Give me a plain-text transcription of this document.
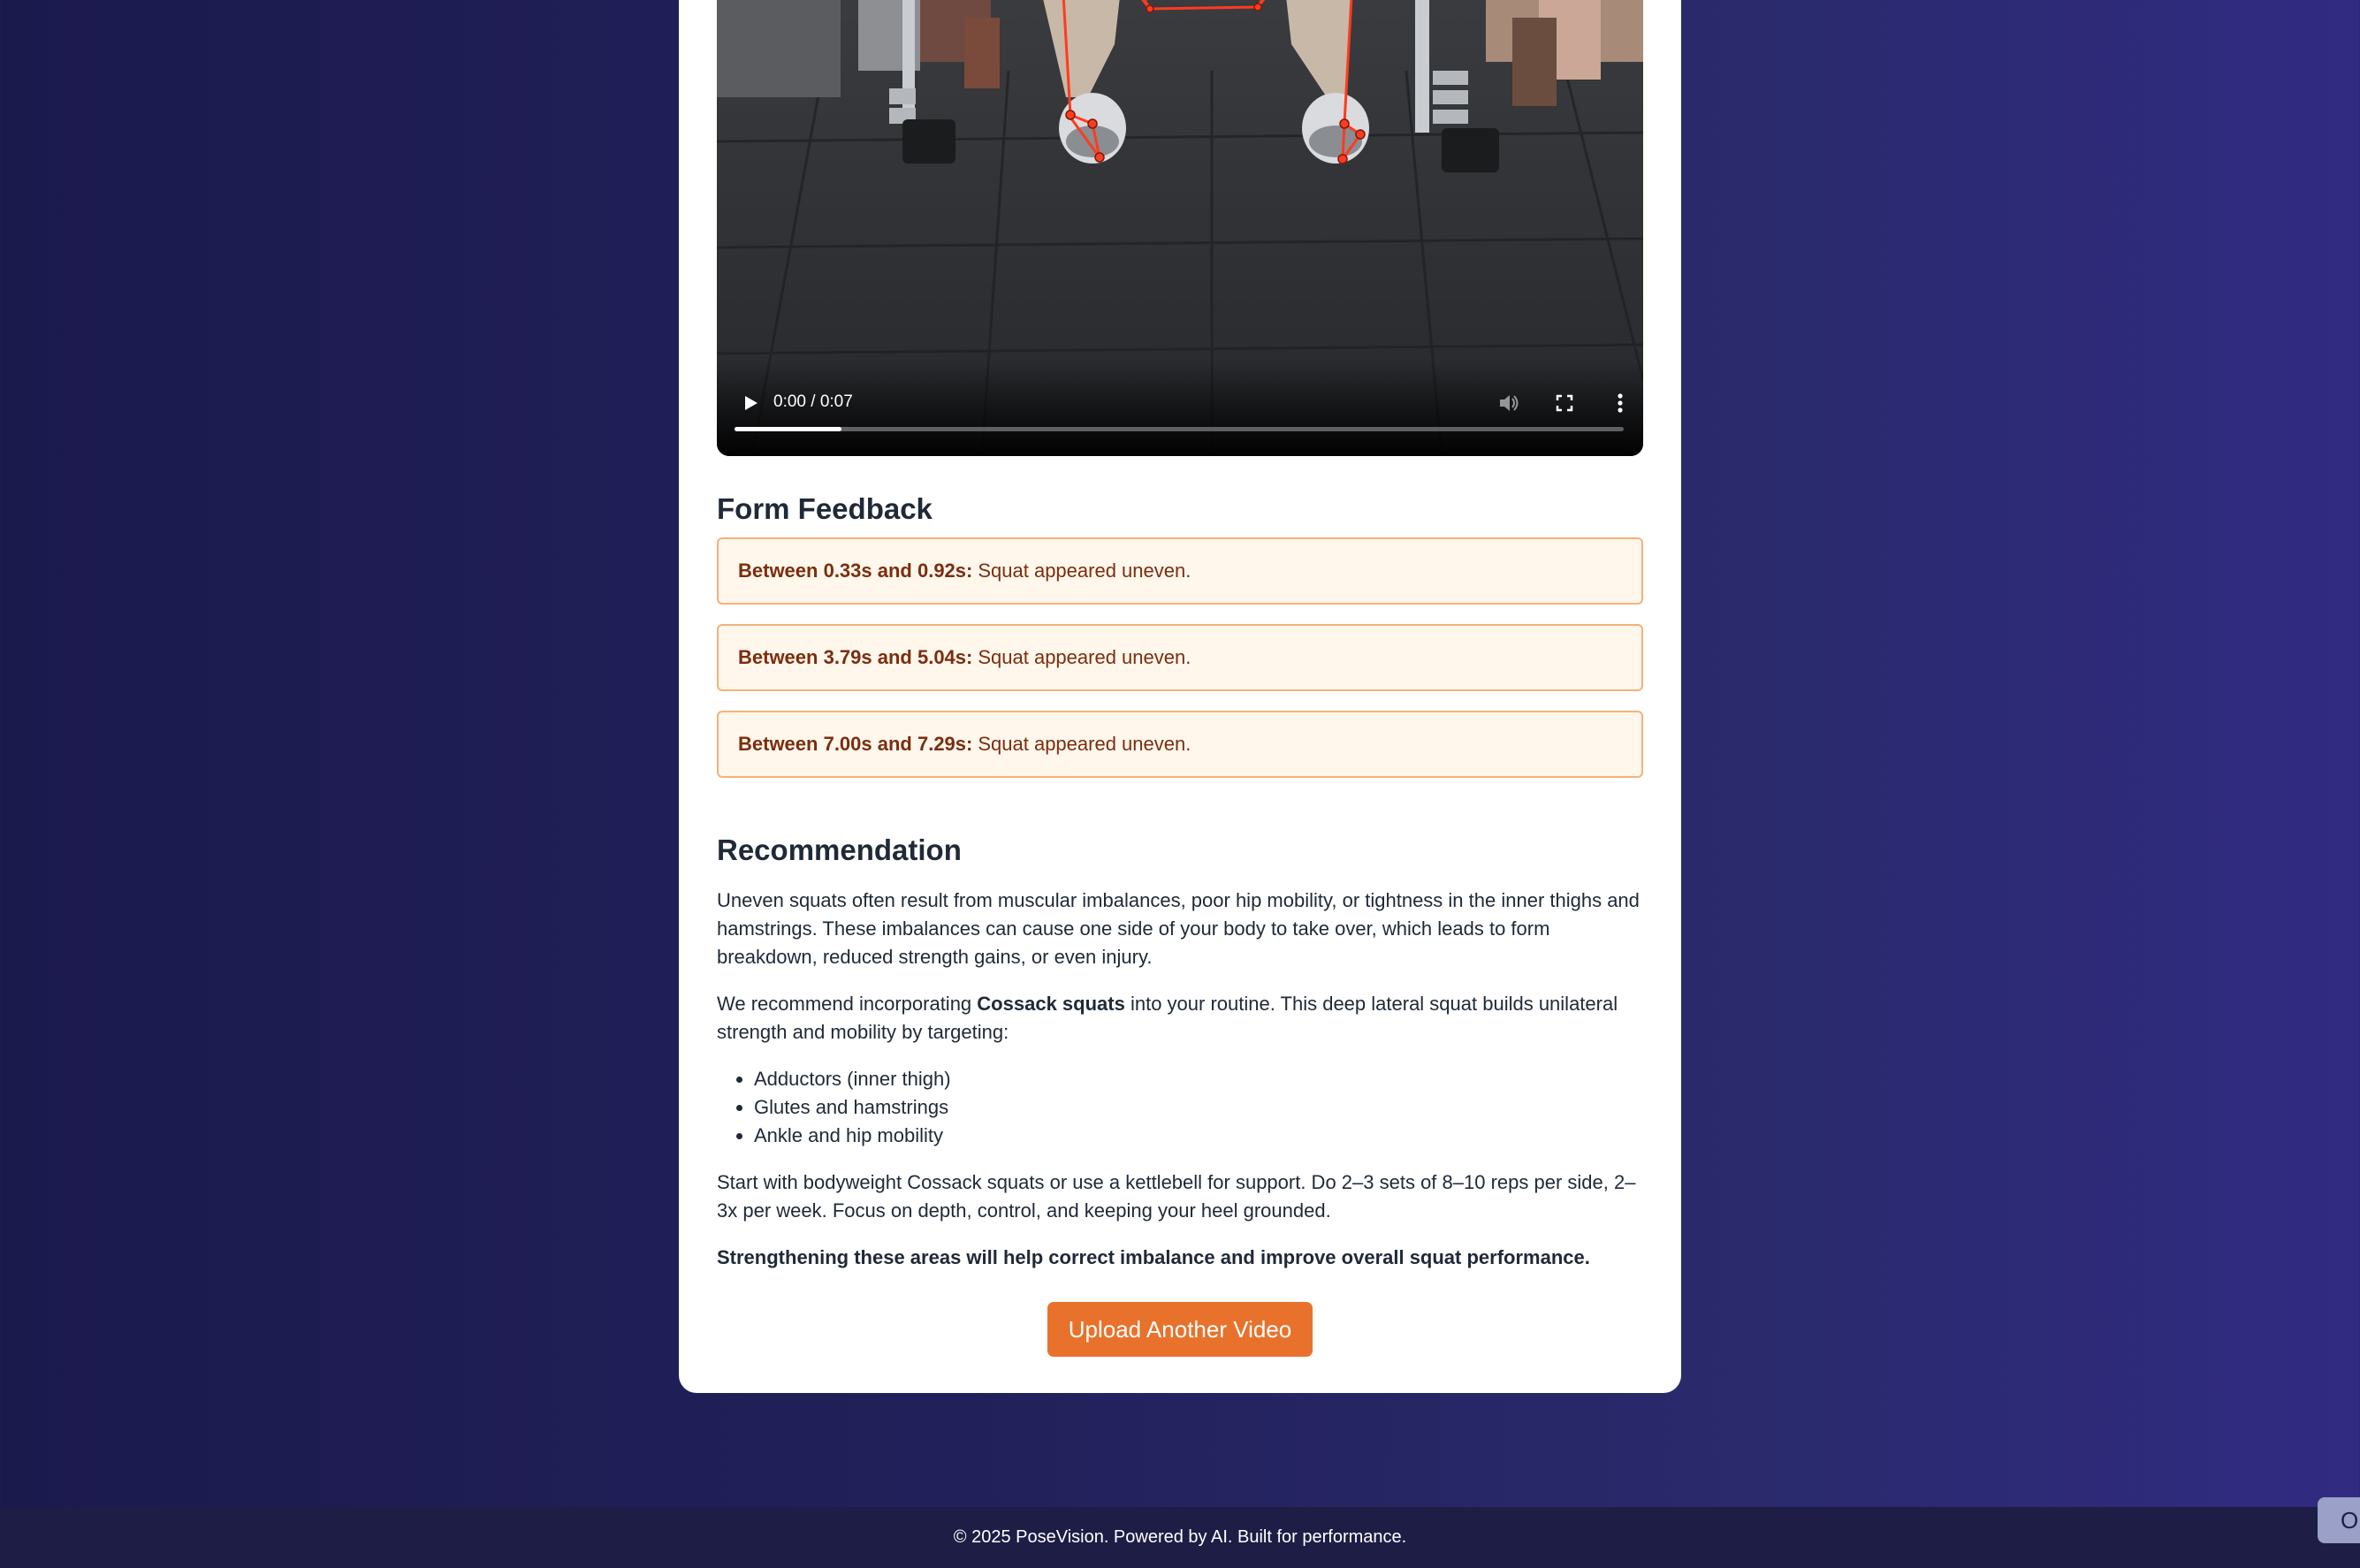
0:00 / 0:07
Form Feedback
Between 0.33s and 0.92s: Squat appeared uneven.
Between 3.79s and 5.04s: Squat appeared uneven.
Between 7.00s and 7.29s: Squat appeared uneven.
Recommendation

Uneven squats often result from muscular imbalances, poor hip mobility, or tightness in the inner thighs and hamstrings. These imbalances can cause one side of your body to take over, which leads to form breakdown, reduced strength gains, or even injury.

We recommend incorporating Cossack squats into your routine. This deep lateral squat builds unilateral strength and mobility by targeting:

• Adductors (inner thigh)
• Glutes and hamstrings
• Ankle and hip mobility

Start with bodyweight Cossack squats or use a kettlebell for support. Do 2–3 sets of 8–10 reps per side, 2–3x per week. Focus on depth, control, and keeping your heel grounded.

Strengthening these areas will help correct imbalance and improve overall squat performance.

Upload Another Video
© 2025 PoseVision. Powered by AI. Built for performance.
O
